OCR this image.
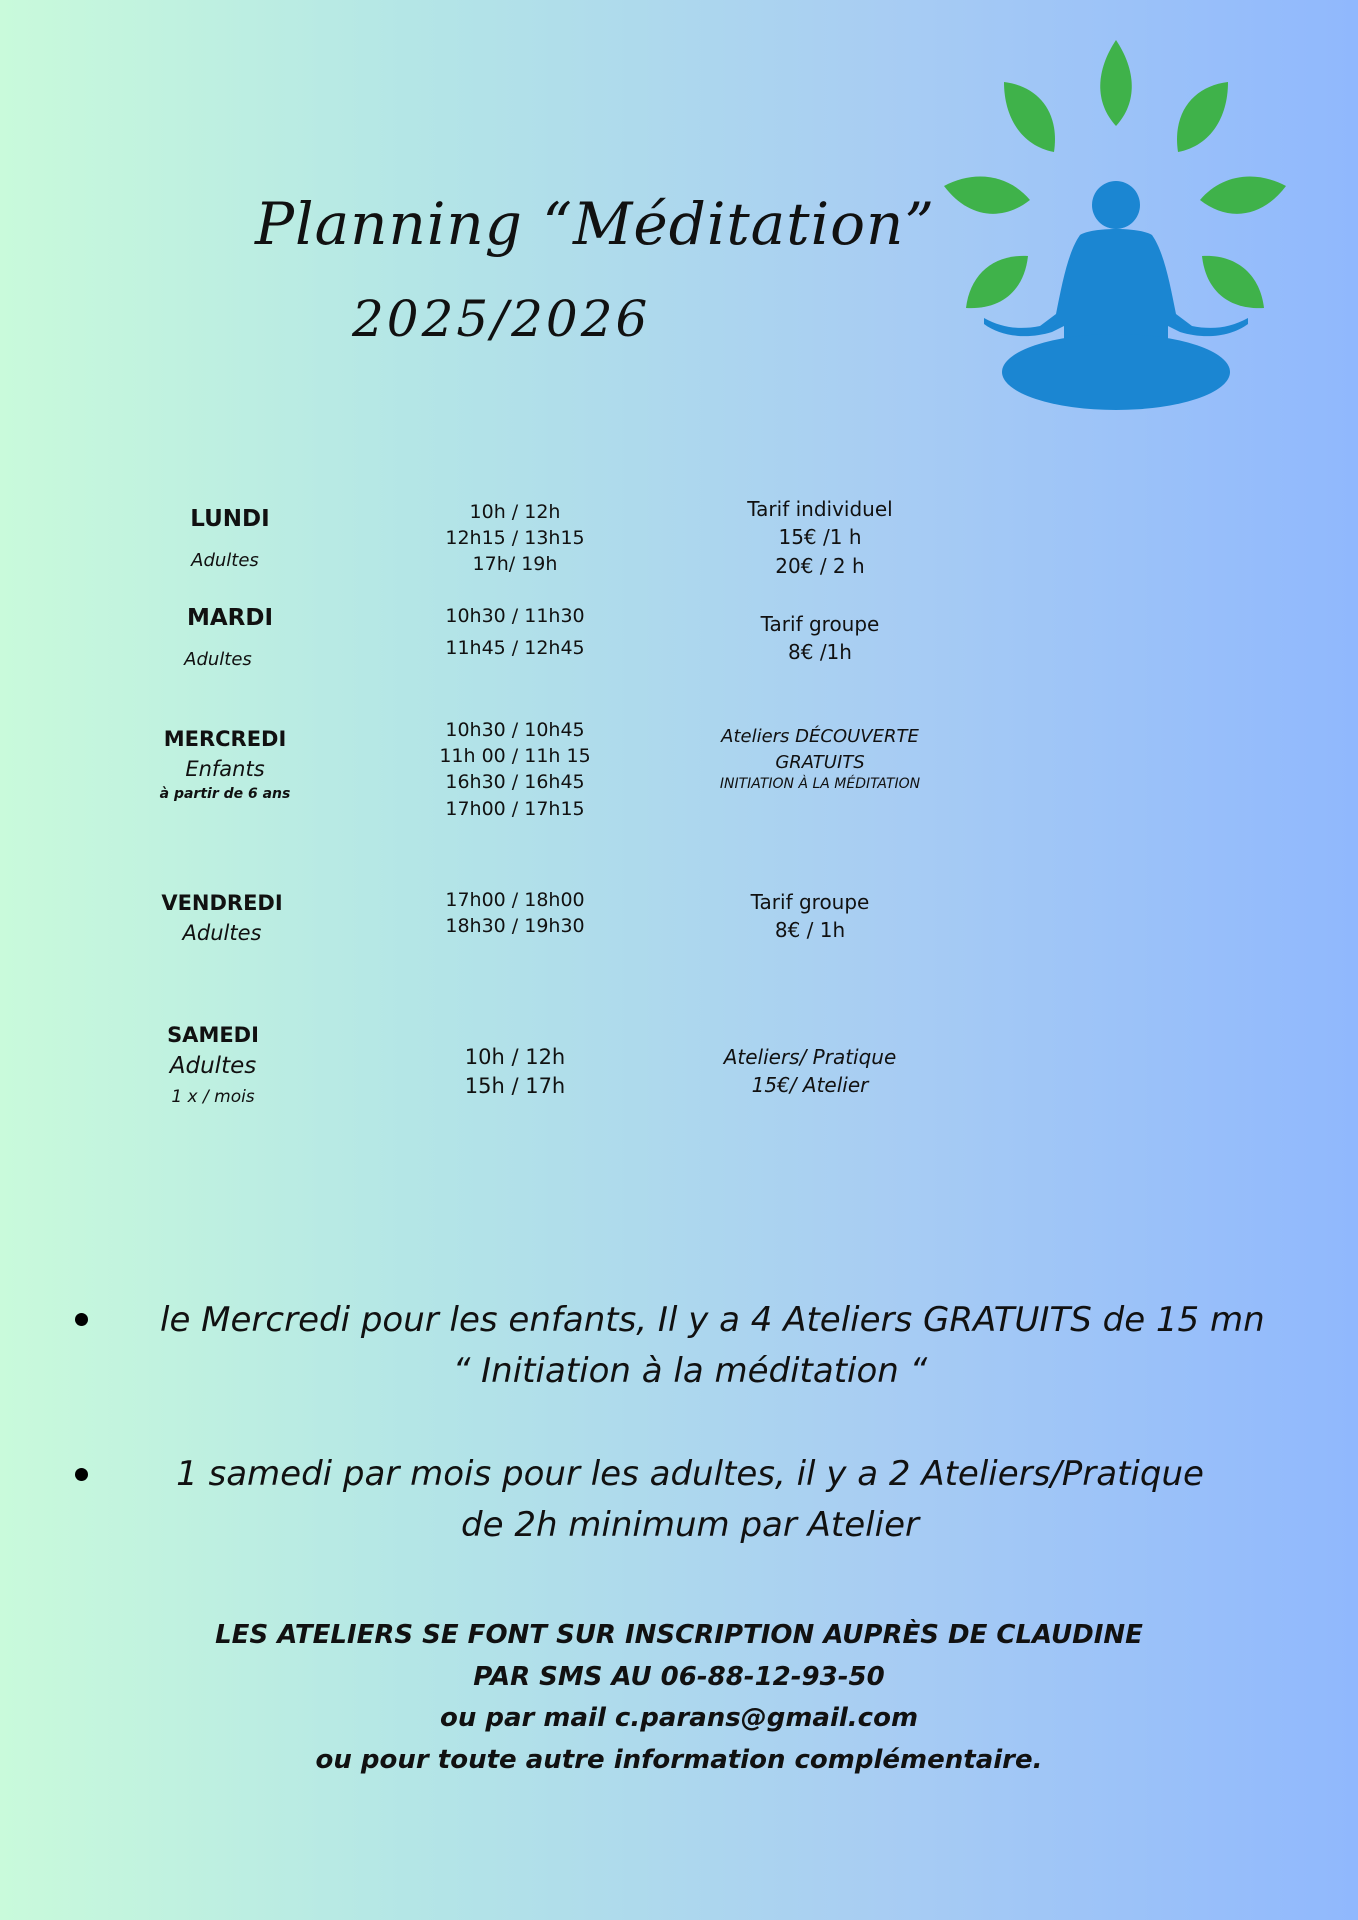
Planning “Méditation”
2025/2026
LUNDI
Adultes
10h / 12h
12h15 / 13h15
17h/ 19h
Tarif individuel
15€ /1 h
20€ / 2 h
MARDI
Adultes
10h30 / 11h30
11h45 / 12h45
Tarif groupe
8€ /1h
MERCREDI
Enfants
à partir de 6 ans
10h30 / 10h45
11h 00 / 11h 15
16h30 / 16h45
17h00 / 17h15
Ateliers DÉCOUVERTE
GRATUITS
INITIATION À LA MÉDITATION
VENDREDI
Adultes
17h00 / 18h00
18h30 / 19h30
Tarif groupe
8€ / 1h
SAMEDI
Adultes
1 x / mois
10h / 12h
15h / 17h
Ateliers/ Pratique
15€/ Atelier
le Mercredi pour les enfants, Il y a 4 Ateliers GRATUITS de 15 mn
“ Initiation à la méditation “
1 samedi par mois pour les adultes, il y a 2 Ateliers/Pratique
de 2h minimum par Atelier
LES ATELIERS SE FONT SUR INSCRIPTION AUPRÈS DE CLAUDINE
PAR SMS AU 06-88-12-93-50
ou par mail c.parans@gmail.com
ou pour toute autre information complémentaire.
